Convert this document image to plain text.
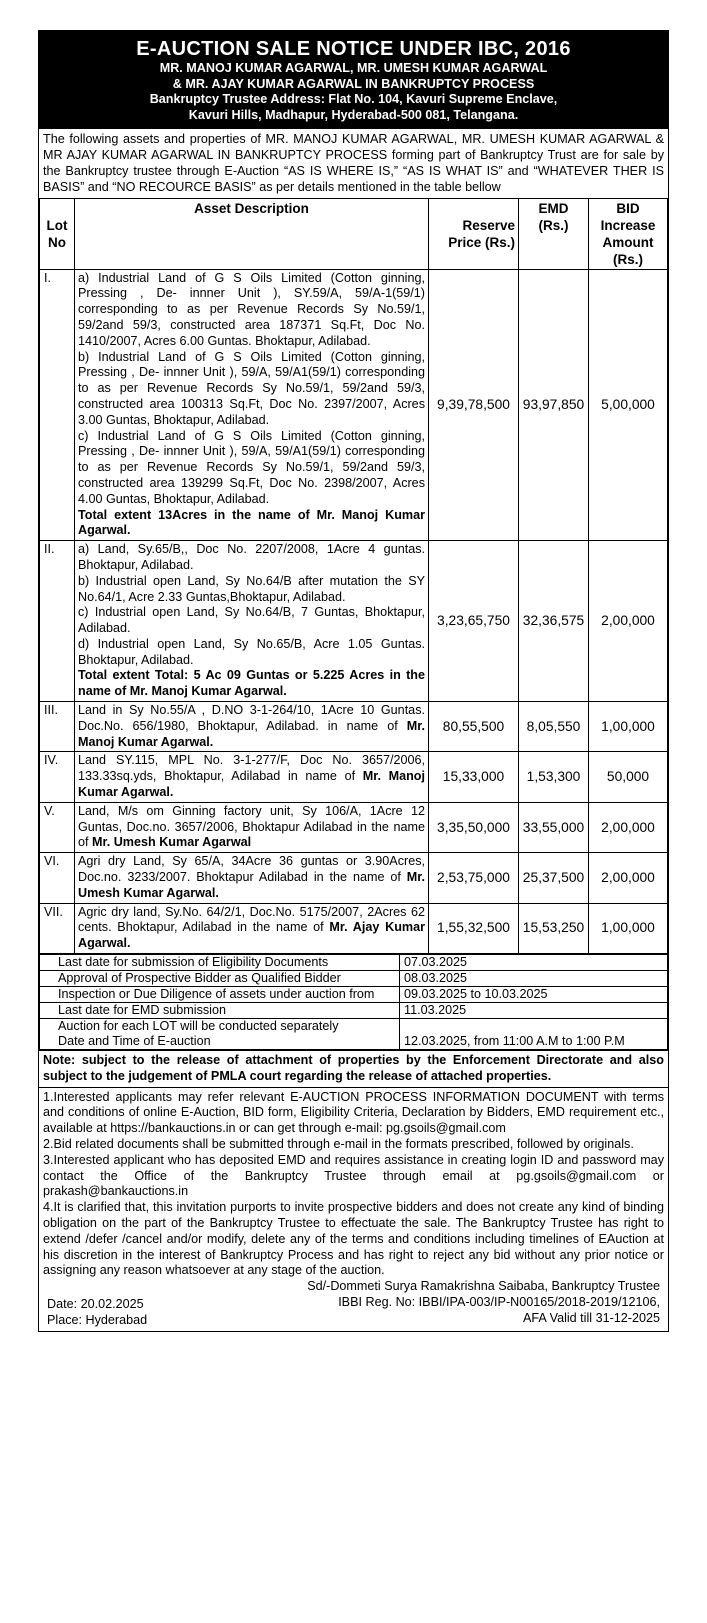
E-AUCTION SALE NOTICE UNDER IBC, 2016
MR. MANOJ KUMAR AGARWAL, MR. UMESH KUMAR AGARWAL
& MR. AJAY KUMAR AGARWAL IN BANKRUPTCY PROCESS
Bankruptcy Trustee Address: Flat No. 104, Kavuri Supreme Enclave,
Kavuri Hills, Madhapur, Hyderabad-500 081, Telangana.
The following assets and properties of MR. MANOJ KUMAR AGARWAL, MR. UMESH KUMAR AGARWAL & MR AJAY KUMAR AGARWAL IN BANKRUPTCY PROCESS forming part of Bankruptcy Trust are for sale by the Bankruptcy trustee through E-Auction “AS IS WHERE IS,” “AS IS WHAT IS” and “WHATEVER THER IS BASIS” and “NO RECOURCE BASIS” as per details mentioned in the table bellow
Lot No	Asset Description	Reserve Price (Rs.)	EMD (Rs.)	BID Increase Amount (Rs.)
I.	a) Industrial Land of G S Oils Limited (Cotton ginning, Pressing , De- innner Unit ), SY.59/A, 59/A-1(59/1) corresponding to as per Revenue Records Sy No.59/1, 59/2and 59/3, constructed area 187371 Sq.Ft, Doc No. 1410/2007, Acres 6.00 Guntas. Bhoktapur, Adilabad.
b) Industrial Land of G S Oils Limited (Cotton ginning, Pressing , De- innner Unit ), 59/A, 59/A1(59/1) corresponding to as per Revenue Records Sy No.59/1, 59/2and 59/3, constructed area 100313 Sq.Ft, Doc No. 2397/2007, Acres 3.00 Guntas, Bhoktapur, Adilabad.
c) Industrial Land of G S Oils Limited (Cotton ginning, Pressing , De- innner Unit ), 59/A, 59/A1(59/1) corresponding to as per Revenue Records Sy No.59/1, 59/2and 59/3, constructed area 139299 Sq.Ft, Doc No. 2398/2007, Acres 4.00 Guntas, Bhoktapur, Adilabad.
Total extent 13Acres in the name of Mr. Manoj Kumar Agarwal.	9,39,78,500	93,97,850	5,00,000
II.	a) Land, Sy.65/B,, Doc No. 2207/2008, 1Acre 4 guntas. Bhoktapur, Adilabad.
b) Industrial open Land, Sy No.64/B after mutation the SY No.64/1, Acre 2.33 Guntas,Bhoktapur, Adilabad.
c) Industrial open Land, Sy No.64/B, 7 Guntas, Bhoktapur, Adilabad.
d) Industrial open Land, Sy No.65/B, Acre 1.05 Guntas. Bhoktapur, Adilabad.
Total extent Total: 5 Ac 09 Guntas or 5.225 Acres in the name of Mr. Manoj Kumar Agarwal.	3,23,65,750	32,36,575	2,00,000
III.	Land in Sy No.55/A , D.NO 3-1-264/10, 1Acre 10 Guntas. Doc.No. 656/1980, Bhoktapur, Adilabad. in name of Mr. Manoj Kumar Agarwal.	80,55,500	8,05,550	1,00,000
IV.	Land SY.115, MPL No. 3-1-277/F, Doc No. 3657/2006, 133.33sq.yds, Bhoktapur, Adilabad in name of Mr. Manoj Kumar Agarwal.	15,33,000	1,53,300	50,000
V.	Land, M/s om Ginning factory unit, Sy 106/A, 1Acre 12 Guntas, Doc.no. 3657/2006, Bhoktapur Adilabad in the name of Mr. Umesh Kumar Agarwal	3,35,50,000	33,55,000	2,00,000
VI.	Agri dry Land, Sy 65/A, 34Acre 36 guntas or 3.90Acres, Doc.no. 3233/2007. Bhoktapur Adilabad in the name of Mr. Umesh Kumar Agarwal.	2,53,75,000	25,37,500	2,00,000
VII.	Agric dry land, Sy.No. 64/2/1, Doc.No. 5175/2007, 2Acres 62 cents. Bhoktapur, Adilabad in the name of Mr. Ajay Kumar Agarwal.	1,55,32,500	15,53,250	1,00,000
Last date for submission of Eligibility Documents	07.03.2025
Approval of Prospective Bidder as Qualified Bidder	08.03.2025
Inspection or Due Diligence of assets under auction from	09.03.2025 to 10.03.2025
Last date for EMD submission	11.03.2025

Auction for each LOT will be conducted separately
Date and Time of E-auction	12.03.2025, from 11:00 A.M to 1:00 P.M
Note: subject to the release of attachment of properties by the Enforcement Directorate and also subject to the judgement of PMLA court regarding the release of attached properties.

1.Interested applicants may refer relevant E-AUCTION PROCESS INFORMATION DOCUMENT with terms and conditions of online E-Auction, BID form, Eligibility Criteria, Declaration by Bidders, EMD requirement etc., available at https://bankauctions.in or can get through e-mail: pg.gsoils@gmail.com

2.Bid related documents shall be submitted through e-mail in the formats prescribed, followed by originals.

3.Interested applicant who has deposited EMD and requires assistance in creating login ID and password may contact the Office of the Bankruptcy Trustee through email at pg.gsoils@gmail.com or prakash@bankauctions.in

4.It is clarified that, this invitation purports to invite prospective bidders and does not create any kind of binding obligation on the part of the Bankruptcy Trustee to effectuate the sale. The Bankruptcy Trustee has right to extend /defer /cancel and/or modify, delete any of the terms and conditions including timelines of EAuction at his discretion in the interest of Bankruptcy Process and has right to reject any bid without any prior notice or assigning any reason whatsoever at any stage of the auction.

Sd/-Dommeti Surya Ramakrishna Saibaba, Bankruptcy Trustee
IBBI Reg. No: IBBI/IPA-003/IP-N00165/2018-2019/12106,
AFA Valid till 31-12-2025
Date: 20.02.2025
Place: Hyderabad
